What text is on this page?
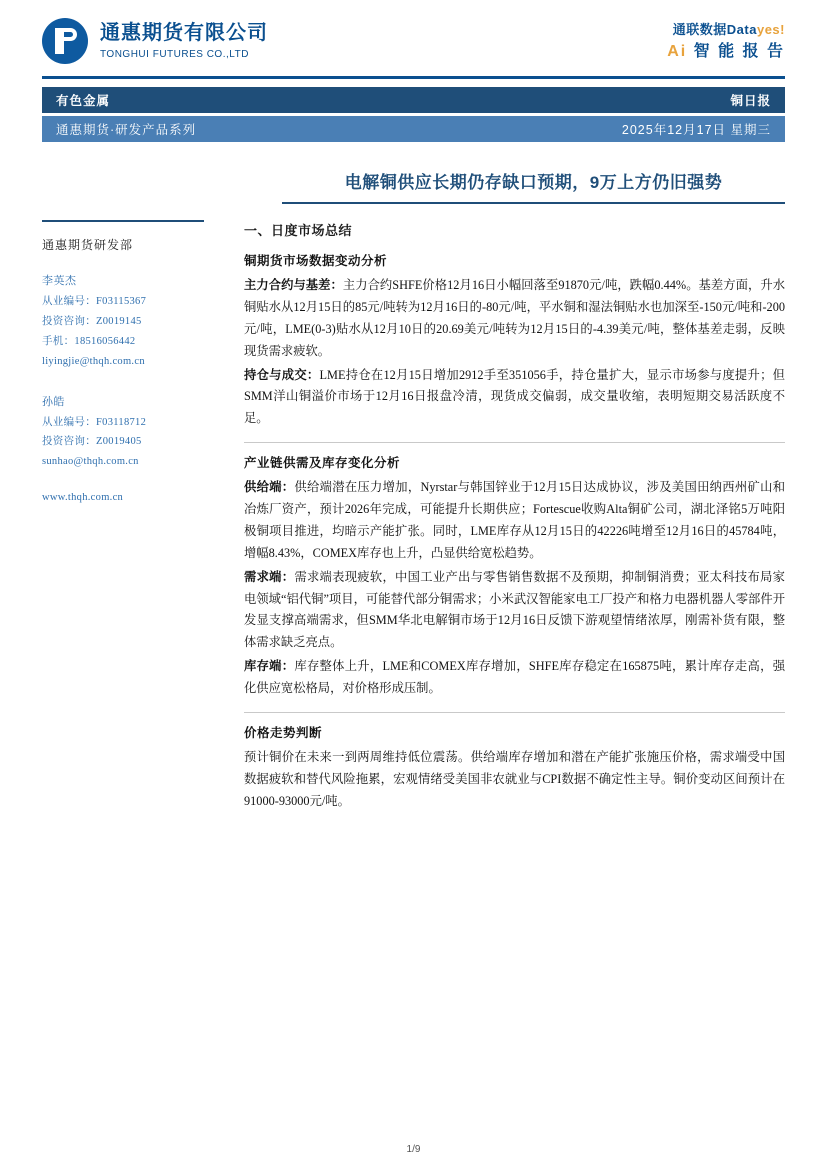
通惠期货有限公司
TONGHUI FUTURES CO.,LTD
通联数据Datayes!
Ai 智 能 报 告
有色金属	铜日报
通惠期货·研发产品系列	2025年12月17日 星期三
电解铜供应长期仍存缺口预期，9万上方仍旧强势
通惠期货研发部
李英杰
从业编号：F03115367
投资咨询：Z0019145
手机：18516056442
liyingjie@thqh.com.cn
孙皓
从业编号：F03118712
投资咨询：Z0019405
sunhao@thqh.com.cn
www.thqh.com.cn
一、日度市场总结
铜期货市场数据变动分析

主力合约与基差：主力合约SHFE价格12月16日小幅回落至91870元/吨，跌幅0.44%。基差方面，升水铜贴水从12月15日的85元/吨转为12月16日的-80元/吨，平水铜和湿法铜贴水也加深至-150元/吨和-200元/吨，LME(0-3)贴水从12月10日的20.69美元/吨转为12月15日的-4.39美元/吨，整体基差走弱，反映现货需求疲软。

持仓与成交：LME持仓在12月15日增加2912手至351056手，持仓量扩大，显示市场参与度提升；但SMM洋山铜溢价市场于12月16日报盘冷清，现货成交偏弱，成交量收缩，表明短期交易活跃度不足。

产业链供需及库存变化分析

供给端：供给端潜在压力增加，Nyrstar与韩国锌业于12月15日达成协议，涉及美国田纳西州矿山和冶炼厂资产，预计2026年完成，可能提升长期供应；Fortescue收购Alta铜矿公司，湖北泽铭5万吨阳极铜项目推进，均暗示产能扩张。同时，LME库存从12月15日的42226吨增至12月16日的45784吨，增幅8.43%，COMEX库存也上升，凸显供给宽松趋势。

需求端：需求端表现疲软，中国工业产出与零售销售数据不及预期，抑制铜消费；亚太科技布局家电领域“铝代铜”项目，可能替代部分铜需求；小米武汉智能家电工厂投产和格力电器机器人零部件开发显支撑高端需求，但SMM华北电解铜市场于12月16日反馈下游观望情绪浓厚，刚需补货有限，整体需求缺乏亮点。

库存端：库存整体上升，LME和COMEX库存增加，SHFE库存稳定在165875吨，累计库存走高，强化供应宽松格局，对价格形成压制。

价格走势判断

预计铜价在未来一到两周维持低位震荡。供给端库存增加和潜在产能扩张施压价格，需求端受中国数据疲软和替代风险拖累，宏观情绪受美国非农就业与CPI数据不确定性主导。铜价变动区间预计在91000-93000元/吨。

1/9
